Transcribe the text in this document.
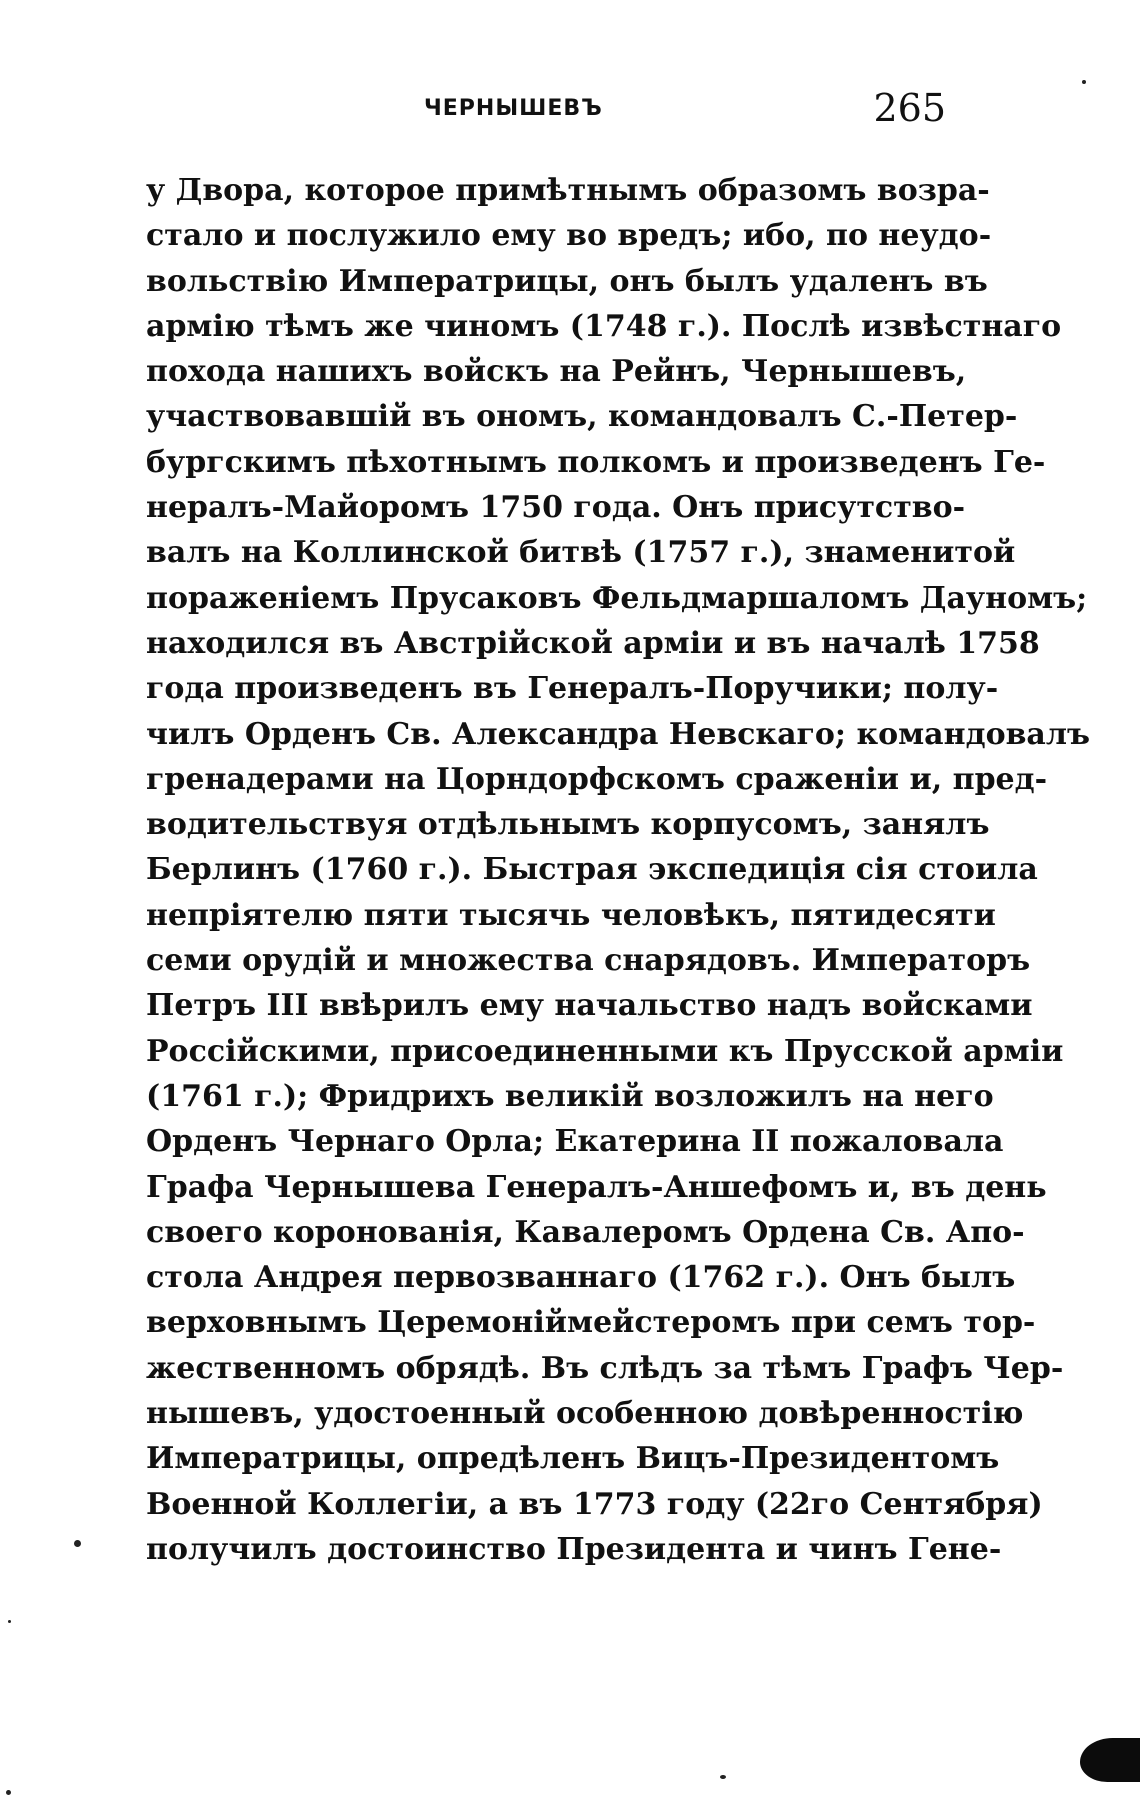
ЧЕРНЫШЕВЪ	265
у Двора, которое примѣтнымъ образомъ возра-
стало и послужило ему во вредъ; ибо, по неудо-
вольствію Императрицы, онъ былъ удаленъ въ
армію тѣмъ же чиномъ (1748 г.). Послѣ извѣстнаго
похода нашихъ войскъ на Рейнъ, Чернышевъ,
участвовавшій въ ономъ, командовалъ С.-Петер-
бургскимъ пѣхотнымъ полкомъ и произведенъ Ге-
нералъ-Майоромъ 1750 года. Онъ присутство-
валъ на Коллинской битвѣ (1757 г.), знаменитой
пораженіемъ Прусаковъ Фельдмаршаломъ Дауномъ;
находился въ Австрійской арміи и въ началѣ 1758
года произведенъ въ Генералъ-Поручики; полу-
чилъ Орденъ Св. Александра Невскаго; командовалъ
гренадерами на Цорндорфскомъ сраженіи и, пред-
водительствуя отдѣльнымъ корпусомъ, занялъ
Берлинъ (1760 г.). Быстрая экспедиція сія стоила
непріятелю пяти тысячь человѣкъ, пятидесяти
семи орудій и множества снарядовъ. Императоръ
Петръ III ввѣрилъ ему начальство надъ войсками
Россійскими, присоединенными къ Прусской арміи
(1761 г.); Фридрихъ великій возложилъ на него
Орденъ Чернаго Орла; Екатерина II пожаловала
Графа Чернышева Генералъ-Аншефомъ и, въ день
своего коронованія, Кавалеромъ Ордена Св. Апо-
стола Андрея первозваннаго (1762 г.). Онъ былъ
верховнымъ Церемоніймейстеромъ при семъ тор-
жественномъ обрядѣ. Въ слѣдъ за тѣмъ Графъ Чер-
нышевъ, удостоенный особенною довѣренностію
Императрицы, опредѣленъ Вицъ-Президентомъ
Военной Коллегіи, а въ 1773 году (22го Сентября)
получилъ достоинство Президента и чинъ Гене-
